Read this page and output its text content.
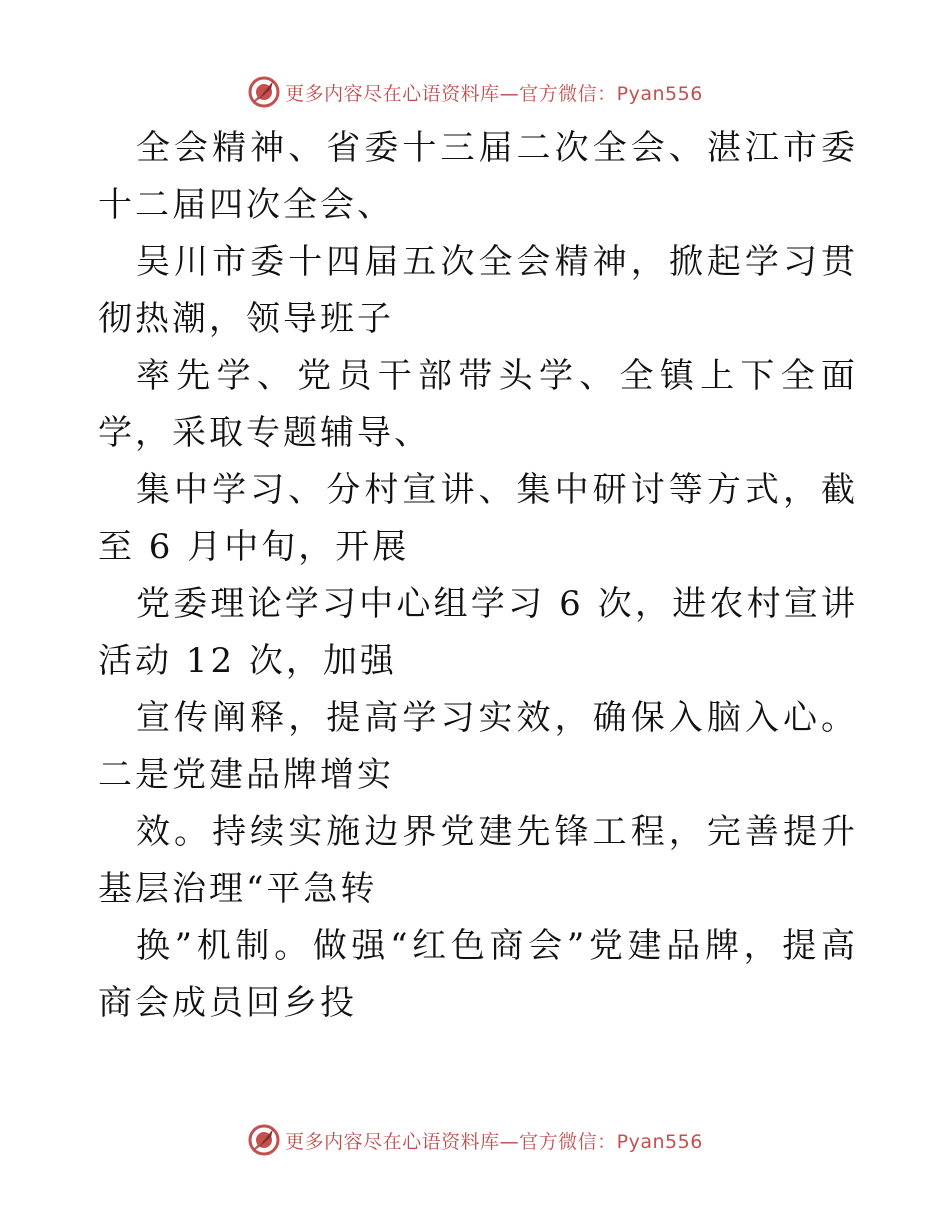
更多内容尽在心语资料库—官方微信：Pyan556

全会精神、省委十三届二次全会、湛江市委十二届四次全会、

吴川市委十四届五次全会精神，掀起学习贯彻热潮，领导班子

率先学、党员干部带头学、全镇上下全面学，采取专题辅导、

集中学习、分村宣讲、集中研讨等方式，截至 6 月中旬，开展

党委理论学习中心组学习 6 次，进农村宣讲活动 12 次，加强

宣传阐释，提高学习实效，确保入脑入心。二是党建品牌增实

效。持续实施边界党建先锋工程，完善提升基层治理“平急转

换”机制。做强“红色商会”党建品牌，提高商会成员回乡投

更多内容尽在心语资料库—官方微信：Pyan556
